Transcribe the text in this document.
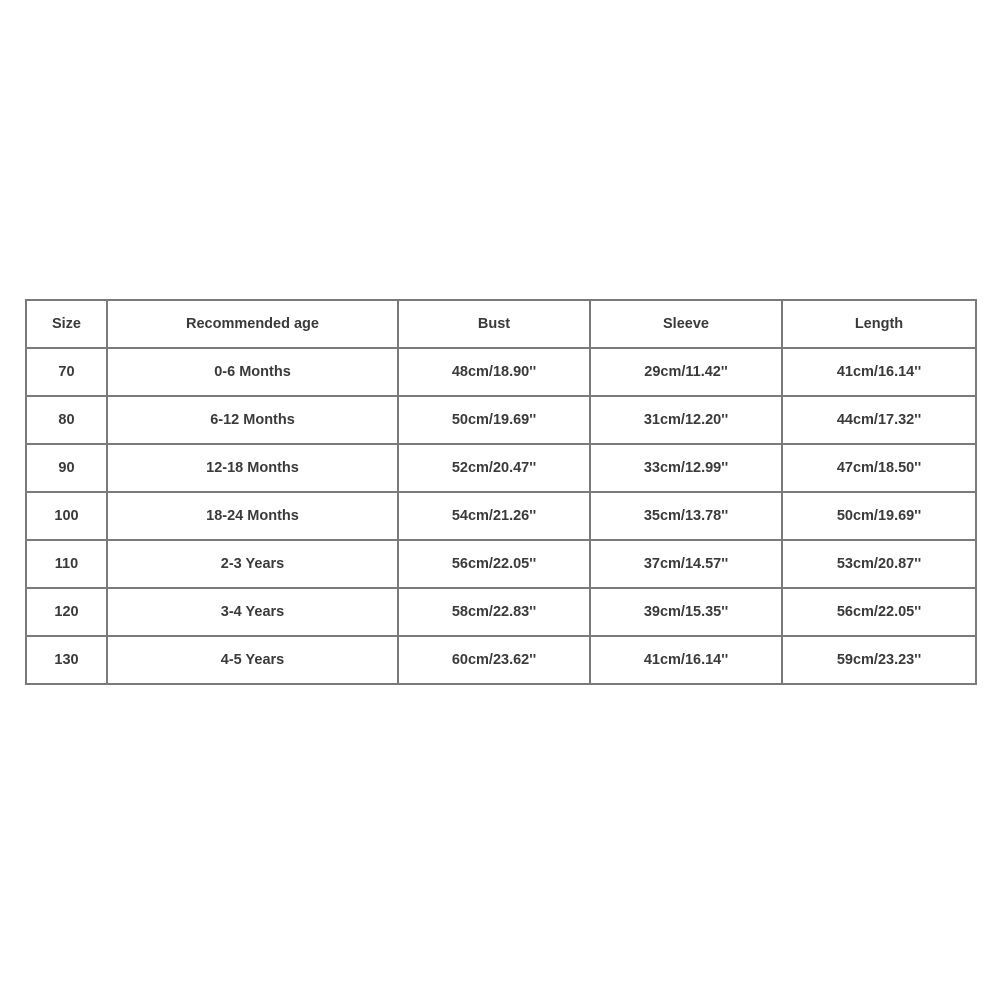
Size	Recommended age	Bust	Sleeve	Length
70	0-6 Months	48cm/18.90''	29cm/11.42''	41cm/16.14''
80	6-12 Months	50cm/19.69''	31cm/12.20''	44cm/17.32''
90	12-18 Months	52cm/20.47''	33cm/12.99''	47cm/18.50''
100	18-24 Months	54cm/21.26''	35cm/13.78''	50cm/19.69''
110	2-3 Years	56cm/22.05''	37cm/14.57''	53cm/20.87''
120	3-4 Years	58cm/22.83''	39cm/15.35''	56cm/22.05''
130	4-5 Years	60cm/23.62''	41cm/16.14''	59cm/23.23''
